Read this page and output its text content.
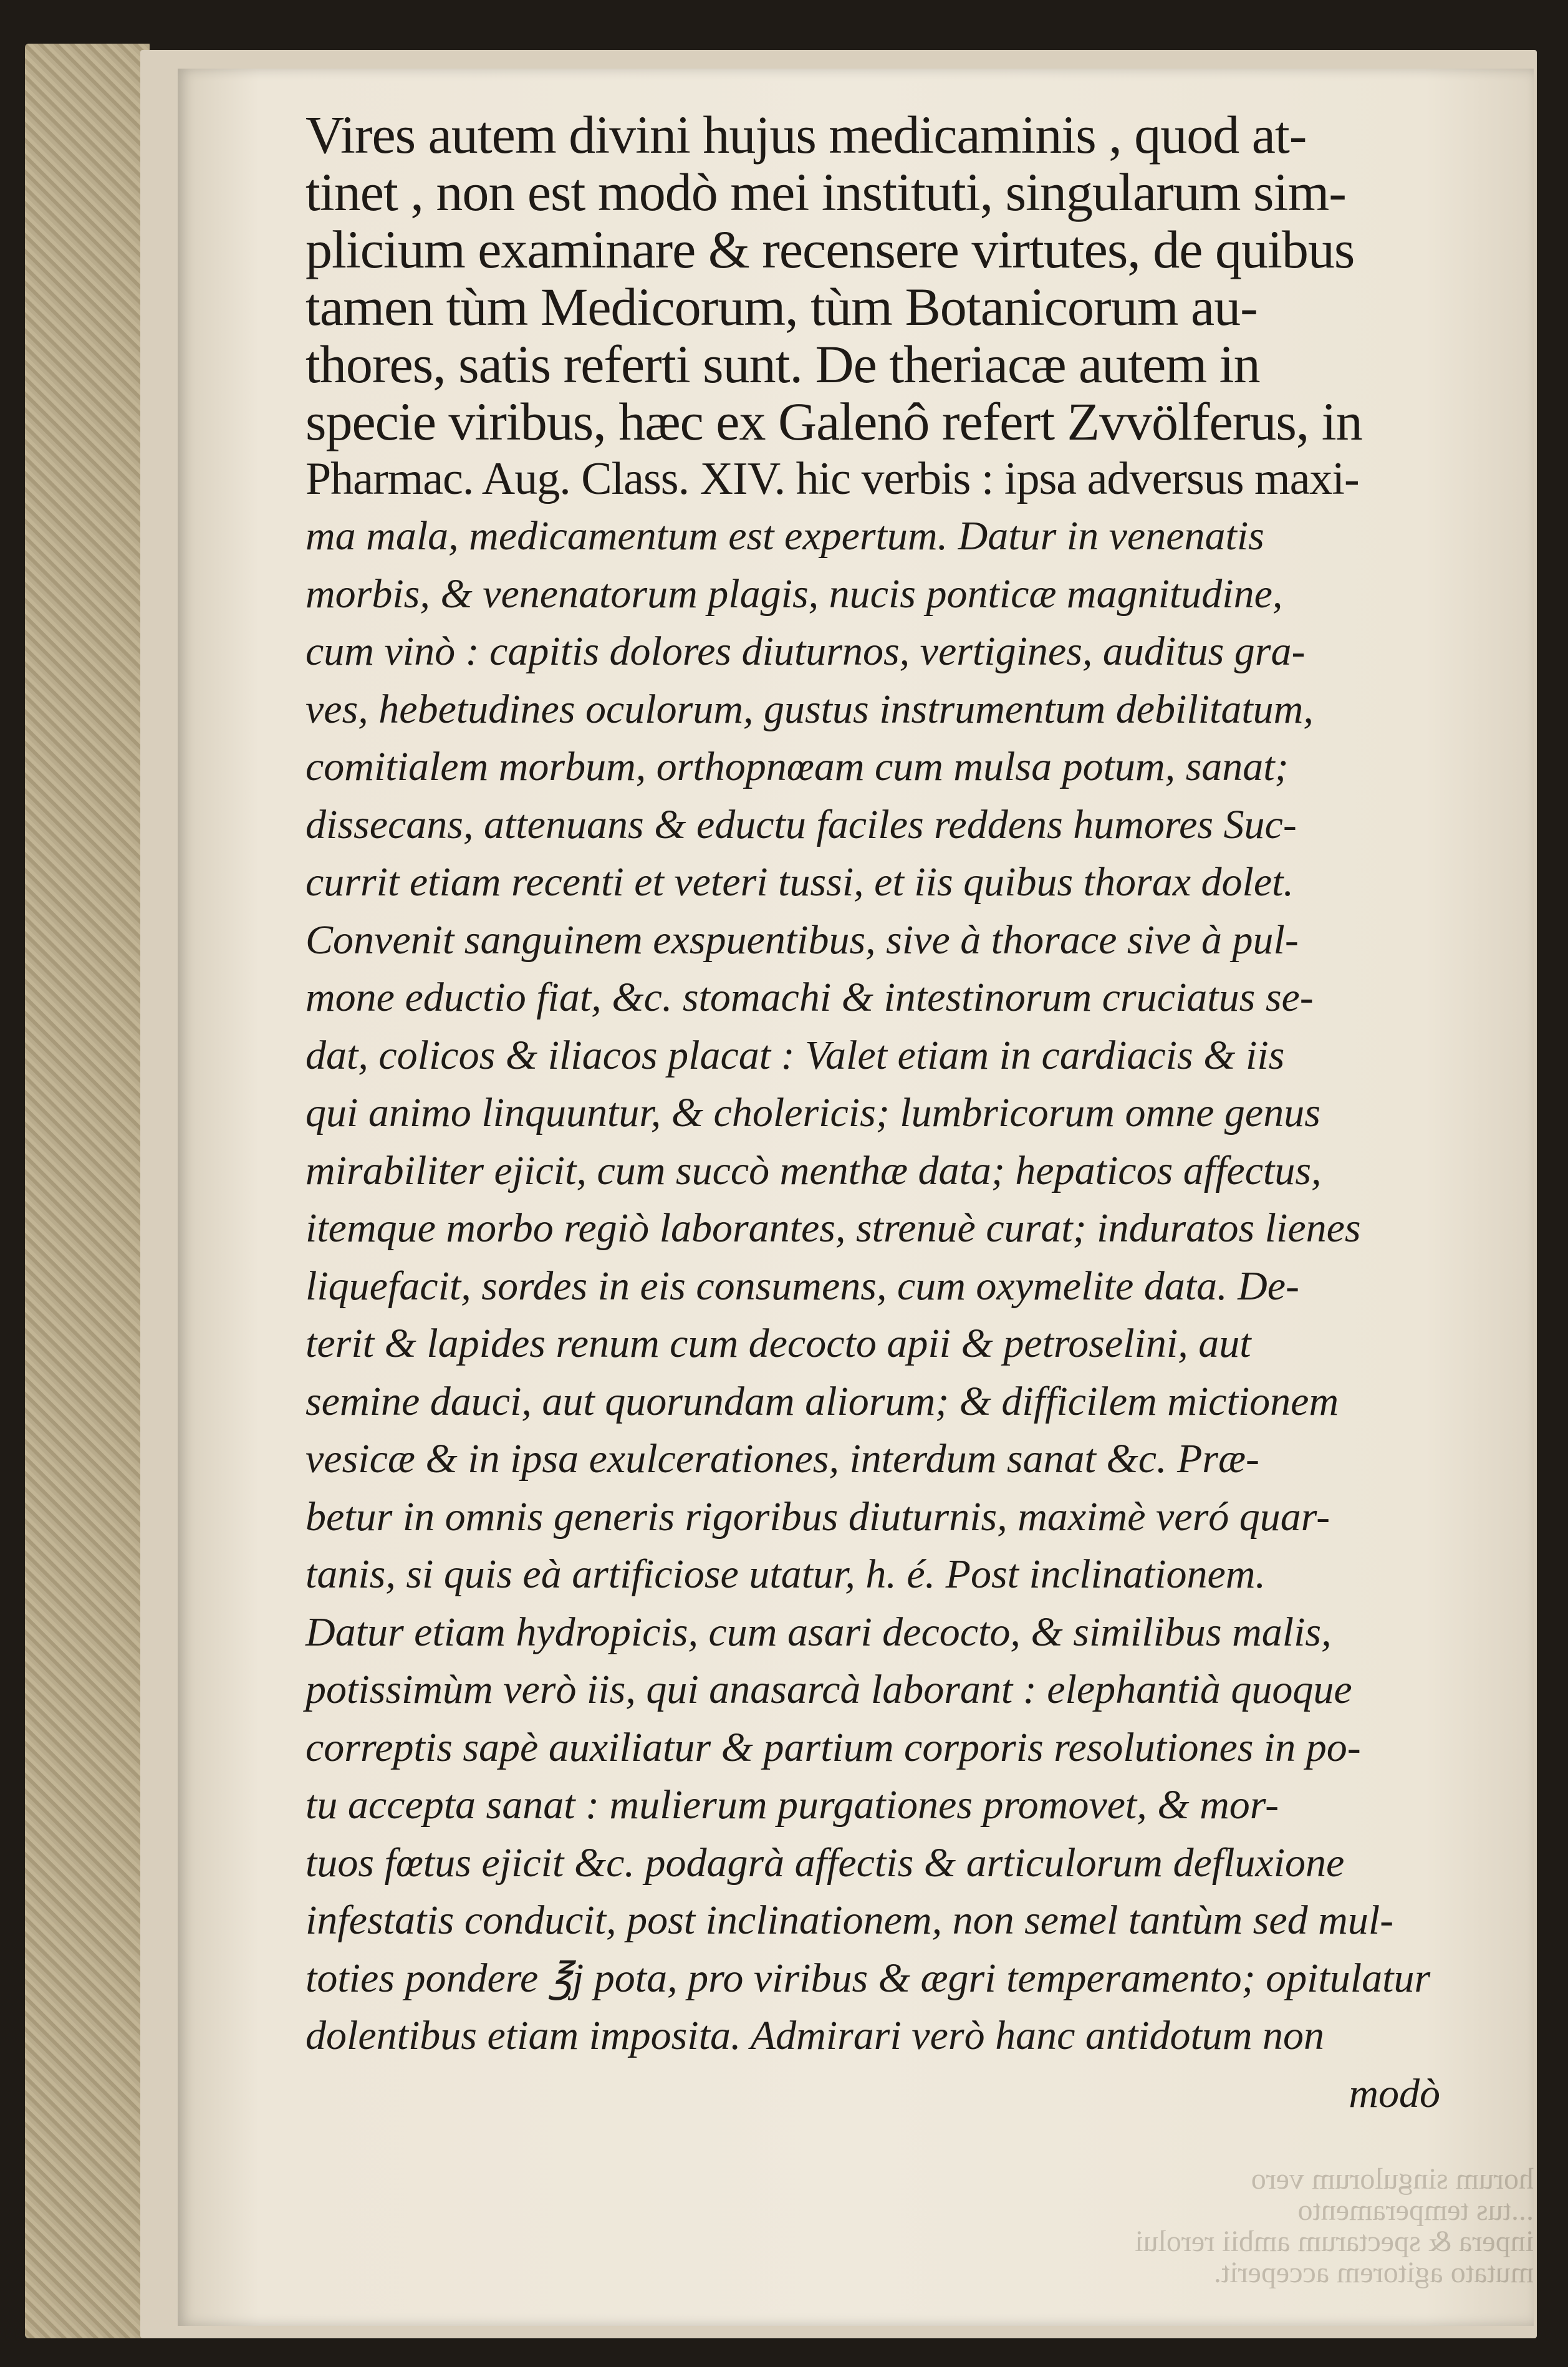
Vires autem divini hujus medicaminis , quod at-
tinet , non est modò mei instituti, singularum sim-
plicium examinare & recensere virtutes, de quibus
tamen tùm Medicorum, tùm Botanicorum au-
thores, satis referti sunt. De theriacæ autem in
specie viribus, hæc ex Galenô refert Zvvölferus, in
Pharmac. Aug. Class. XIV. hic verbis : ipsa adversus maxi-
ma mala, medicamentum est expertum. Datur in venenatis
morbis, & venenatorum plagis, nucis ponticæ magnitudine,
cum vinò : capitis dolores diuturnos, vertigines, auditus gra-
ves, hebetudines oculorum, gustus instrumentum debilitatum,
comitialem morbum, orthopnœam cum mulsa potum, sanat;
dissecans, attenuans & eductu faciles reddens humores Suc-
currit etiam recenti et veteri tussi, et iis quibus thorax dolet.
Convenit sanguinem exspuentibus, sive à thorace sive à pul-
mone eductio fiat, &c. stomachi & intestinorum cruciatus se-
dat, colicos & iliacos placat : Valet etiam in cardiacis & iis
qui animo linquuntur, & cholericis; lumbricorum omne genus
mirabiliter ejicit, cum succò menthæ data; hepaticos affectus,
itemque morbo regiò laborantes, strenuè curat; induratos lienes
liquefacit, sordes in eis consumens, cum oxymelite data. De-
terit & lapides renum cum decocto apii & petroselini, aut
semine dauci, aut quorundam aliorum; & difficilem mictionem
vesicæ & in ipsa exulcerationes, interdum sanat &c. Præ-
betur in omnis generis rigoribus diuturnis, maximè veró quar-
tanis, si quis eà artificiose utatur, h. é. Post inclinationem.
Datur etiam hydropicis, cum asari decocto, & similibus malis,
potissimùm verò iis, qui anasarcà laborant : elephantià quoque
correptis sapè auxiliatur & partium corporis resolutiones in po-
tu accepta sanat : mulierum purgationes promovet, & mor-
tuos fœtus ejicit &c. podagrà affectis & articulorum defluxione
infestatis conducit, post inclinationem, non semel tantùm sed mul-
toties pondere ℥j pota, pro viribus & ægri temperamento; opitulatur
dolentibus etiam imposita. Admirari verò hanc antidotum non
modò
horum singulorum vero
...tus temperamento
inpera & spectarum ambii rerolui
mutato agitorem acceperit.
